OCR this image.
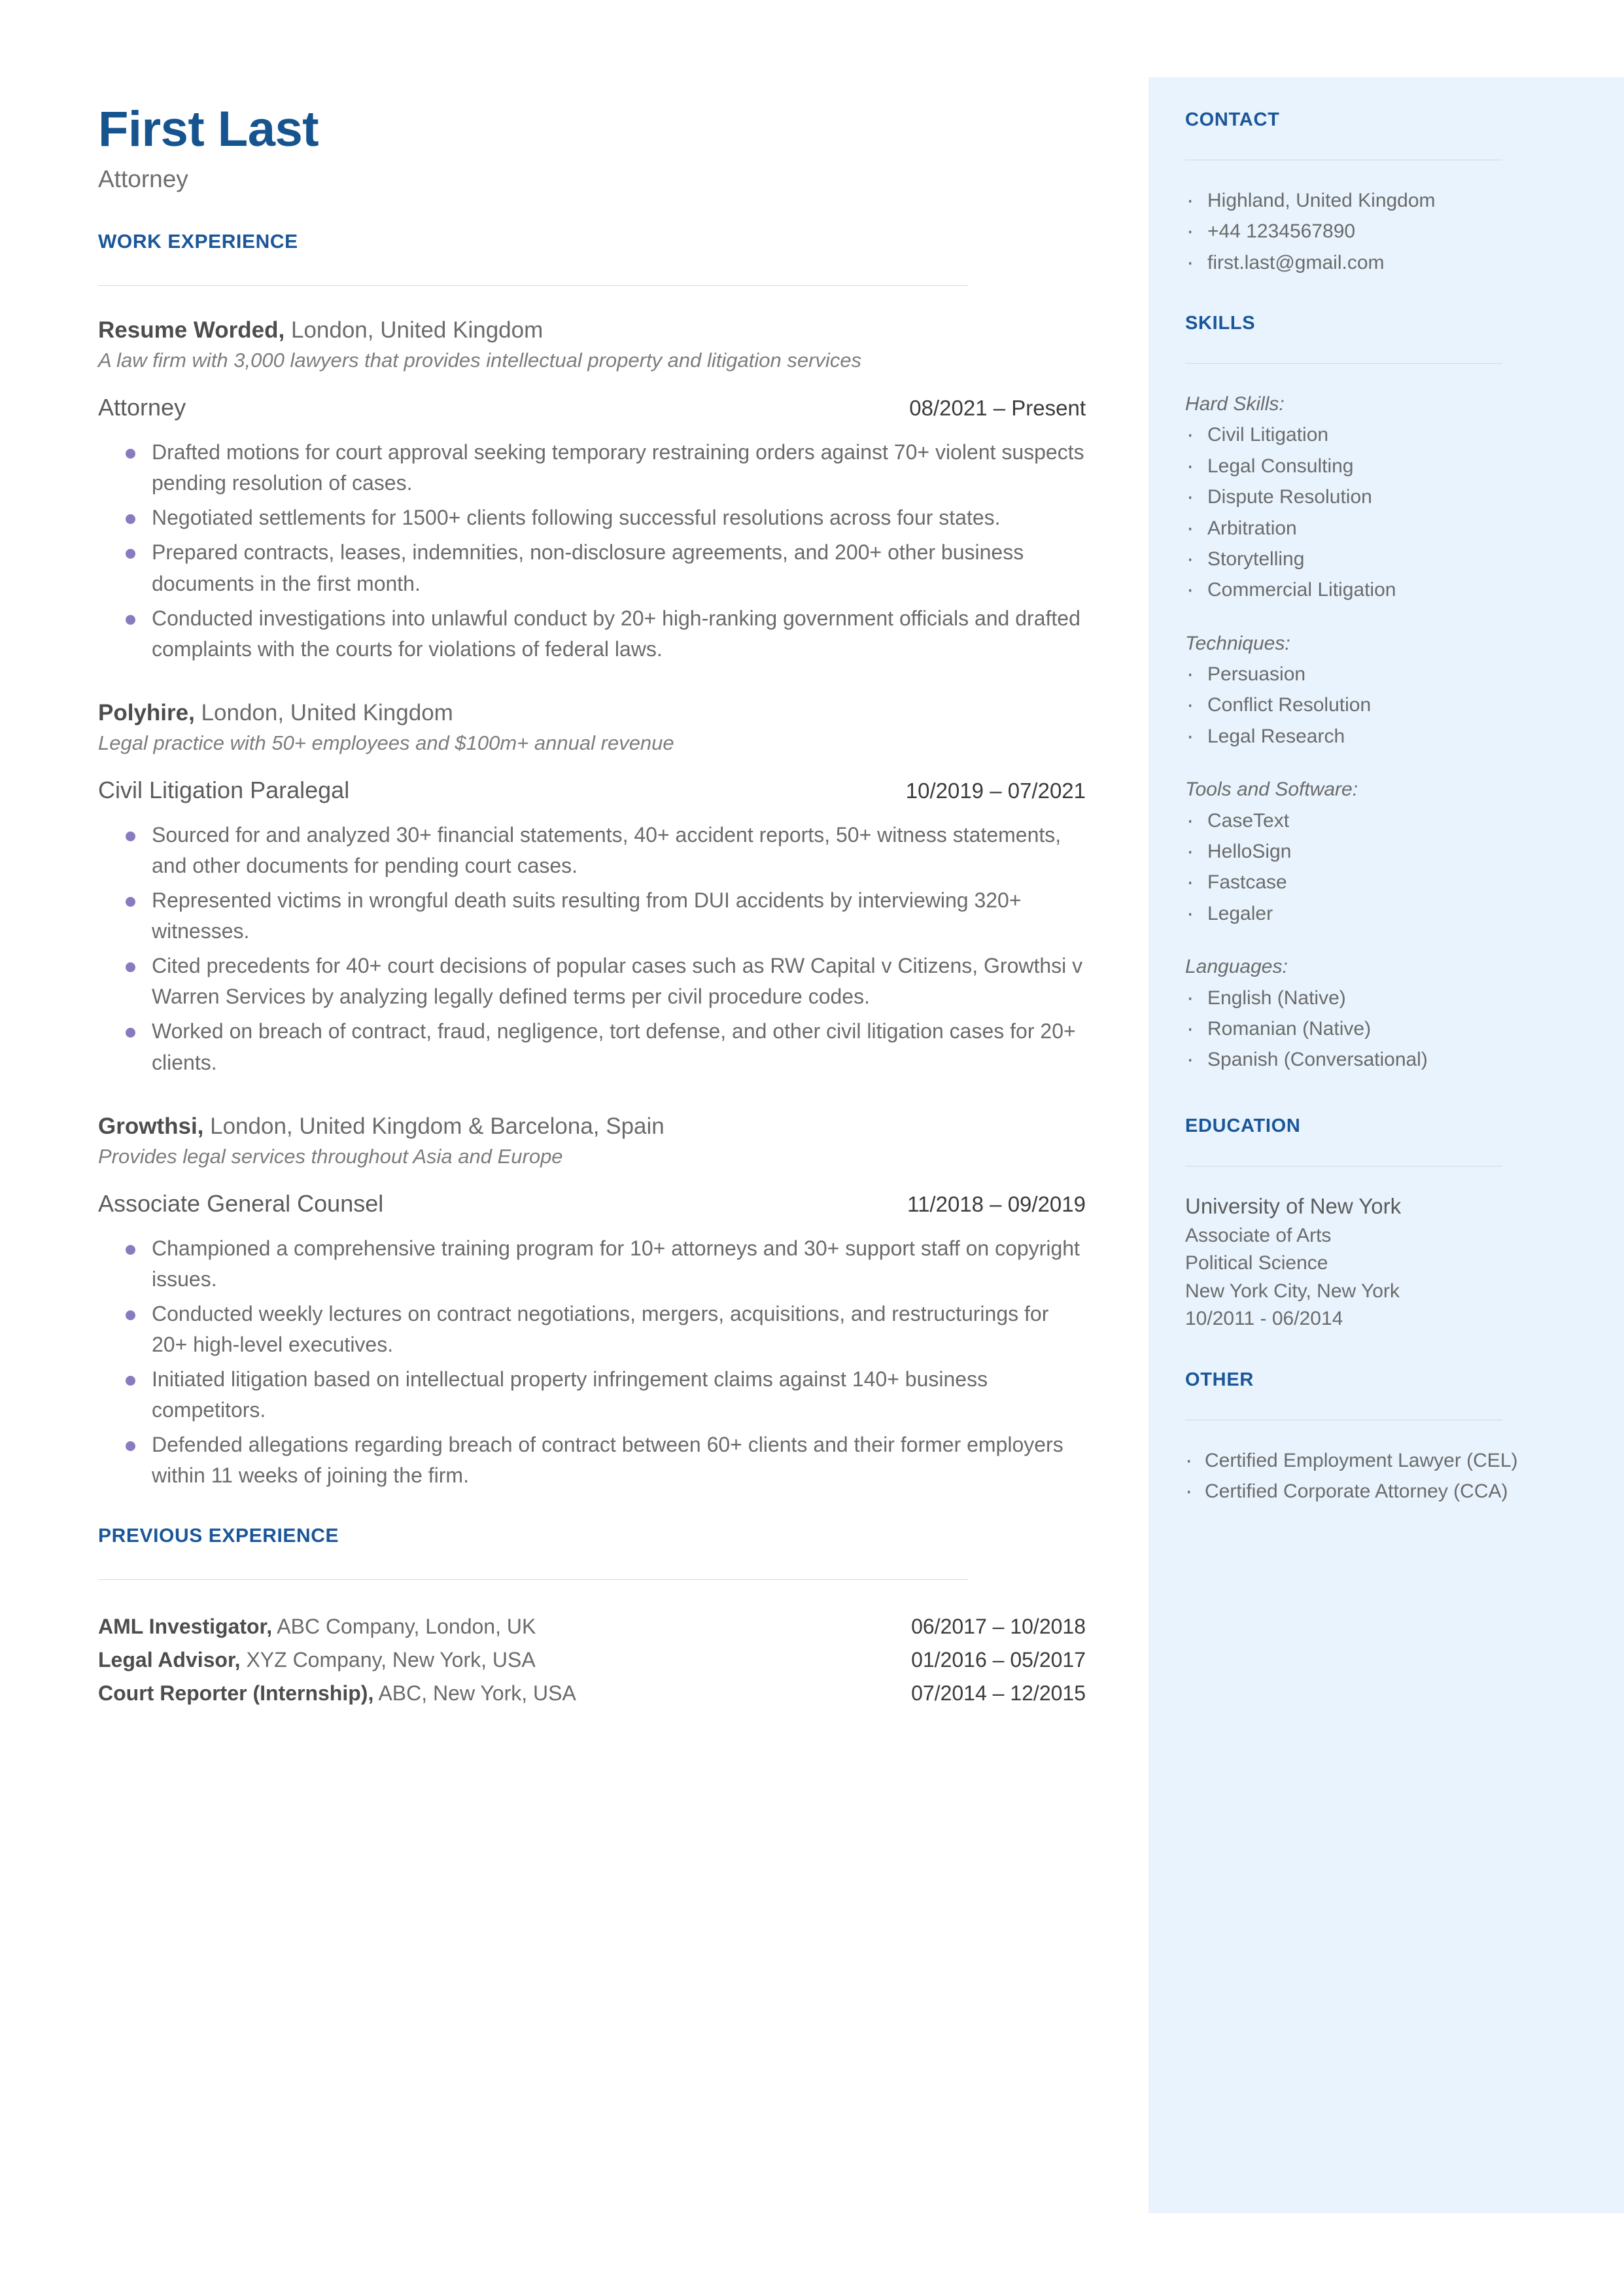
CONTACT
· Highland, United Kingdom
· +44 1234567890
· first.last@gmail.com
SKILLS
Hard Skills:
· Civil Litigation
· Legal Consulting
· Dispute Resolution
· Arbitration
· Storytelling
· Commercial Litigation
Techniques:
· Persuasion
· Conflict Resolution
· Legal Research
Tools and Software:
· CaseText
· HelloSign
· Fastcase
· Legaler
Languages:
· English (Native)
· Romanian (Native)
· Spanish (Conversational)
EDUCATION
University of New York
Associate of Arts
Political Science
New York City, New York
10/2011 - 06/2014
OTHER
· Certified Employment Lawyer (CEL)
· Certified Corporate Attorney (CCA)
First Last
Attorney
WORK EXPERIENCE
Resume Worded, London, United Kingdom
A law firm with 3,000 lawyers that provides intellectual property and litigation services
Attorney	08/2021 – Present
Drafted motions for court approval seeking temporary restraining orders against 70+ violent suspects pending resolution of cases.
Negotiated settlements for 1500+ clients following successful resolutions across four states.
Prepared contracts, leases, indemnities, non-disclosure agreements, and 200+ other business documents in the first month.
Conducted investigations into unlawful conduct by 20+ high-ranking government officials and drafted complaints with the courts for violations of federal laws.
Polyhire, London, United Kingdom
Legal practice with 50+ employees and $100m+ annual revenue
Civil Litigation Paralegal	10/2019 – 07/2021
Sourced for and analyzed 30+ financial statements, 40+ accident reports, 50+ witness statements, and other documents for pending court cases.
Represented victims in wrongful death suits resulting from DUI accidents by interviewing 320+ witnesses.
Cited precedents for 40+ court decisions of popular cases such as RW Capital v Citizens, Growthsi v Warren Services by analyzing legally defined terms per civil procedure codes.
Worked on breach of contract, fraud, negligence, tort defense, and other civil litigation cases for 20+ clients.
Growthsi, London, United Kingdom & Barcelona, Spain
Provides legal services throughout Asia and Europe
Associate General Counsel	11/2018 – 09/2019
Championed a comprehensive training program for 10+ attorneys and 30+ support staff on copyright issues.
Conducted weekly lectures on contract negotiations, mergers, acquisitions, and restructurings for 20+ high-level executives.
Initiated litigation based on intellectual property infringement claims against 140+ business competitors.
Defended allegations regarding breach of contract between 60+ clients and their former employers within 11 weeks of joining the firm.
PREVIOUS EXPERIENCE
AML Investigator, ABC Company, London, UK	06/2017 – 10/2018
Legal Advisor, XYZ Company, New York, USA	01/2016 – 05/2017
Court Reporter (Internship), ABC, New York, USA	07/2014 – 12/2015
